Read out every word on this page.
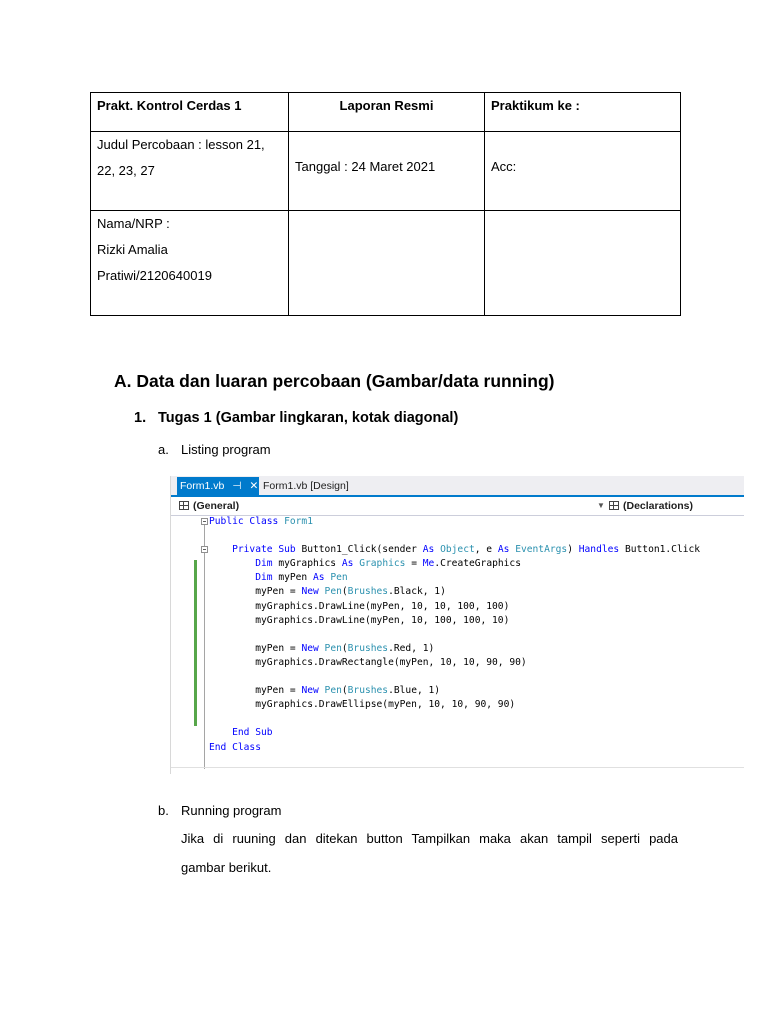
Prakt. Kontrol Cerdas 1	Laporan Resmi	Praktikum ke :
Judul Percobaan : lesson 21, 22, 23, 27	Tanggal : 24 Maret 2021	Acc:

Nama/NRP :
Rizki Amalia Pratiwi/2120640019		

A. Data dan luaran percobaan (Gambar/data running)
1. Tugas 1 (Gambar lingkaran, kotak diagonal)
a. Listing program
Form1.vb ⊣ ✕ Form1.vb [Design]
(General)	▼	(Declarations)
Public Class Form1

Private Sub Button1_Click(sender As Object, e As EventArgs) Handles Button1.Click
Dim myGraphics As Graphics = Me.CreateGraphics
Dim myPen As Pen
myPen = New Pen(Brushes.Black, 1)
myGraphics.DrawLine(myPen, 10, 10, 100, 100)
myGraphics.DrawLine(myPen, 10, 100, 100, 10)

myPen = New Pen(Brushes.Red, 1)
myGraphics.DrawRectangle(myPen, 10, 10, 90, 90)

myPen = New Pen(Brushes.Blue, 1)
myGraphics.DrawEllipse(myPen, 10, 10, 90, 90)

End Sub
End Class
b. Running program
Jika di ruuning dan ditekan button Tampilkan maka akan tampil seperti pada
gambar berikut.
